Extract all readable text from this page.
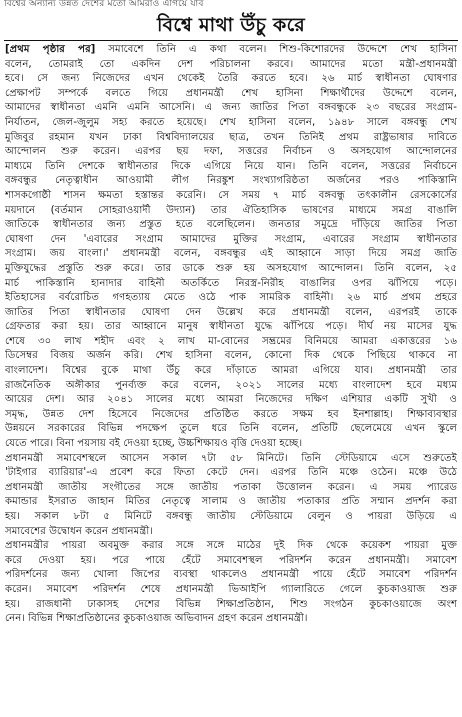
বিশ্বের অন্যান্য উন্নত দেশের মতো আমরাও এগিয়ে যাব
বিশ্বে মাথা উঁচু করে
[প্রথম পৃষ্ঠার পর] সমাবেশে তিনি এ কথা বলেন। শিশু-কিশোরদের উদ্দেশে শেখ হাসিনা
বলেন, তোমরাই তো একদিন দেশ পরিচালনা করবে। আমাদের মতো মন্ত্রী-প্রধানমন্ত্রী
হবে। সে জন্য নিজেদের এখন থেকেই তৈরি করতে হবে। ২৬ মার্চ স্বাধীনতা ঘোষণার
প্রেক্ষাপট সম্পর্কে বলতে গিয়ে প্রধানমন্ত্রী শেখ হাসিনা শিক্ষার্থীদের উদ্দেশে বলেন,
আমাদের স্বাধীনতা এমনি এমনি আসেনি। এ জন্য জাতির পিতা বঙ্গবন্ধুকে ২৩ বছরের সংগ্রাম-
নির্যাতন, জেল-জুলুম সহ্য করতে হয়েছে। শেখ হাসিনা বলেন, ১৯৪৮ সালে বঙ্গবন্ধু শেখ
মুজিবুর রহমান যখন ঢাকা বিশ্ববিদ্যালয়ের ছাত্র, তখন তিনিই প্রথম রাষ্ট্রভাষার দাবিতে
আন্দোলন শুরু করেন। এরপর ছয় দফা, সত্তরের নির্বাচন ও অসহযোগ আন্দোলনের
মাধ্যমে তিনি দেশকে স্বাধীনতার দিকে এগিয়ে নিয়ে যান। তিনি বলেন, সত্তরের নির্বাচনে
বঙ্গবন্ধুর নেতৃত্বাধীন আওয়ামী লীগ নিরঙ্কুশ সংখ্যাগরিষ্ঠতা অর্জনের পরও পাকিস্তানি
শাসকগোষ্ঠী শাসন ক্ষমতা হস্তান্তর করেনি। সে সময় ৭ মার্চ বঙ্গবন্ধু তৎকালীন রেসকোর্সের
ময়দানে (বর্তমান সোহরাওয়ার্দী উদ্যান) তার ঐতিহাসিক ভাষণের মাধ্যমে সমগ্র বাঙালি
জাতিকে স্বাধীনতার জন্য প্রস্তুত হতে বলেছিলেন। জনতার সমুদ্রে দাঁড়িয়ে জাতির পিতা
ঘোষণা দেন 'এবারের সংগ্রাম আমাদের মুক্তির সংগ্রাম, এবারের সংগ্রাম স্বাধীনতার
সংগ্রাম। জয় বাংলা।' প্রধানমন্ত্রী বলেন, বঙ্গবন্ধুর এই আহ্বানে সাড়া দিয়ে সমগ্র জাতি
মুক্তিযুদ্ধের প্রস্তুতি শুরু করে। তার ডাকে শুরু হয় অসহযোগ আন্দোলন। তিনি বলেন, ২৫
মার্চ পাকিস্তানি হানাদার বাহিনী অতর্কিতে নিরস্ত্র-নিরীহ বাঙালির ওপর ঝাঁপিয়ে পড়ে।
ইতিহাসের বর্বরোচিত গণহত্যায় মেতে ওঠে পাক সামরিক বাহিনী। ২৬ মার্চ প্রথম প্রহরে
জাতির পিতা স্বাধীনতার ঘোষণা দেন উল্লেখ করে প্রধানমন্ত্রী বলেন, এরপরই তাকে
গ্রেফতার করা হয়। তার আহ্বানে মানুষ স্বাধীনতা যুদ্ধে ঝাঁপিয়ে পড়ে। দীর্ঘ নয় মাসের যুদ্ধ
শেষে ৩০ লাখ শহীদ এবং ২ লাখ মা-বোনের সম্ভ্রমের বিনিময়ে আমরা একাত্তরের ১৬
ডিসেম্বর বিজয় অর্জন করি। শেখ হাসিনা বলেন, কোনো দিক থেকে পিছিয়ে থাকবে না
বাংলাদেশ। বিশ্বের বুকে মাথা উঁচু করে দাঁড়াতে আমরা এগিয়ে যাব। প্রধানমন্ত্রী তার
রাজনৈতিক অঙ্গীকার পুনর্ব্যক্ত করে বলেন, ২০২১ সালের মধ্যে বাংলাদেশ হবে মধ্যম
আয়ের দেশ। আর ২০৪১ সালের মধ্যে আমরা নিজেদের দক্ষিণ এশিয়ার একটি সুখী ও
সমৃদ্ধ, উন্নত দেশ হিসেবে নিজেদের প্রতিষ্ঠিত করতে সক্ষম হব ইনশাল্লাহ। শিক্ষাব্যবস্থার
উন্নয়নে সরকারের বিভিন্ন পদক্ষেপ তুলে ধরে তিনি বলেন, প্রতিটি ছেলেমেয়ে এখন স্কুলে
যেতে পারে। বিনা পয়সায় বই দেওয়া হচ্ছে, উচ্চশিক্ষায়ও বৃত্তি দেওয়া হচ্ছে।
প্রধানমন্ত্রী সমাবেশস্থলে আসেন সকাল ৭টা ৫৮ মিনিটে। তিনি স্টেডিয়ামে এসে শুরুতেই
'টাইগার ব্যারিয়ার'-এ প্রবেশ করে ফিতা কেটে দেন। এরপর তিনি মঞ্চে ওঠেন। মঞ্চে উঠে
প্রধানমন্ত্রী জাতীয় সংগীতের সঙ্গে জাতীয় পতাকা উত্তোলন করেন। এ সময় প্যারেড
কমান্ডার ইসরাত জাহান মিতির নেতৃত্বে সালাম ও জাতীয় পতাকার প্রতি সম্মান প্রদর্শন করা
হয়। সকাল ৮টা ৫ মিনিটে বঙ্গবন্ধু জাতীয় স্টেডিয়ামে বেলুন ও পায়রা উড়িয়ে এ
সমাবেশের উদ্বোধন করেন প্রধানমন্ত্রী।
প্রধানমন্ত্রীর পায়রা অবমুক্ত করার সঙ্গে সঙ্গে মাঠের দুই দিক থেকে কয়েকশ পায়রা মুক্ত
করে দেওয়া হয়। পরে পায়ে হেঁটে সমাবেশস্থল পরিদর্শন করেন প্রধানমন্ত্রী। সমাবেশ
পরিদর্শনের জন্য খোলা জিপের ব্যবস্থা থাকলেও প্রধানমন্ত্রী পায়ে হেঁটে সমাবেশ পরিদর্শন
করেন। সমাবেশ পরিদর্শন শেষে প্রধানমন্ত্রী ভিআইপি গ্যালারিতে গেলে কুচকাওয়াজ শুরু
হয়। রাজধানী ঢাকাসহ দেশের বিভিন্ন শিক্ষাপ্রতিষ্ঠান, শিশু সংগঠন কুচকাওয়াজে অংশ
নেন। বিভিন্ন শিক্ষাপ্রতিষ্ঠানের কুচকাওয়াজ অভিবাদন গ্রহণ করেন প্রধানমন্ত্রী।
